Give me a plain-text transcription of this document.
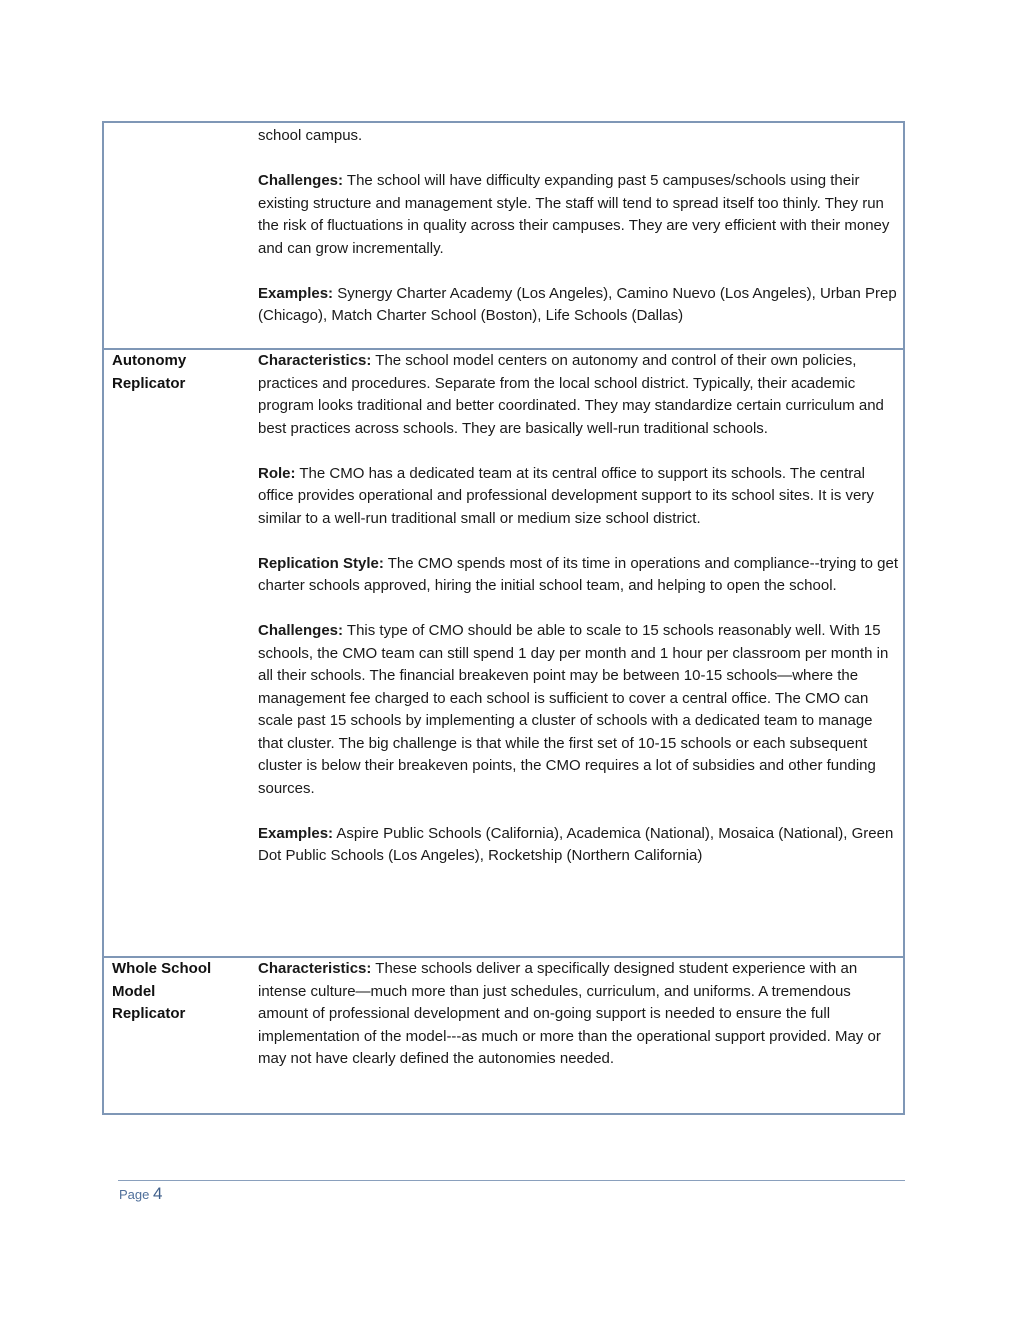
school campus.

Challenges: The school will have difficulty expanding past 5 campuses/schools using their existing structure and management style. The staff will tend to spread itself too thinly. They run the risk of fluctuations in quality across their campuses. They are very efficient with their money and can grow incrementally.

Examples: Synergy Charter Academy (Los Angeles), Camino Nuevo (Los Angeles), Urban Prep (Chicago), Match Charter School (Boston), Life Schools (Dallas)

Autonomy
Replicator

Characteristics: The school model centers on autonomy and control of their own policies, practices and procedures. Separate from the local school district. Typically, their academic program looks traditional and better coordinated. They may standardize certain curriculum and best practices across schools. They are basically well-run traditional schools.

Role: The CMO has a dedicated team at its central office to support its schools. The central office provides operational and professional development support to its school sites. It is very similar to a well-run traditional small or medium size school district.

Replication Style: The CMO spends most of its time in operations and compliance--trying to get charter schools approved, hiring the initial school team, and helping to open the school.

Challenges: This type of CMO should be able to scale to 15 schools reasonably well. With 15 schools, the CMO team can still spend 1 day per month and 1 hour per classroom per month in all their schools. The financial breakeven point may be between 10-15 schools—where the management fee charged to each school is sufficient to cover a central office. The CMO can scale past 15 schools by implementing a cluster of schools with a dedicated team to manage that cluster. The big challenge is that while the first set of 10-15 schools or each subsequent cluster is below their breakeven points, the CMO requires a lot of subsidies and other funding sources.

Examples: Aspire Public Schools (California), Academica (National), Mosaica (National), Green Dot Public Schools (Los Angeles), Rocketship (Northern California)

Whole School
Model
Replicator

Characteristics: These schools deliver a specifically designed student experience with an intense culture—much more than just schedules, curriculum, and uniforms. A tremendous amount of professional development and on-going support is needed to ensure the full implementation of the model---as much or more than the operational support provided. May or may not have clearly defined the autonomies needed.

Page 4
